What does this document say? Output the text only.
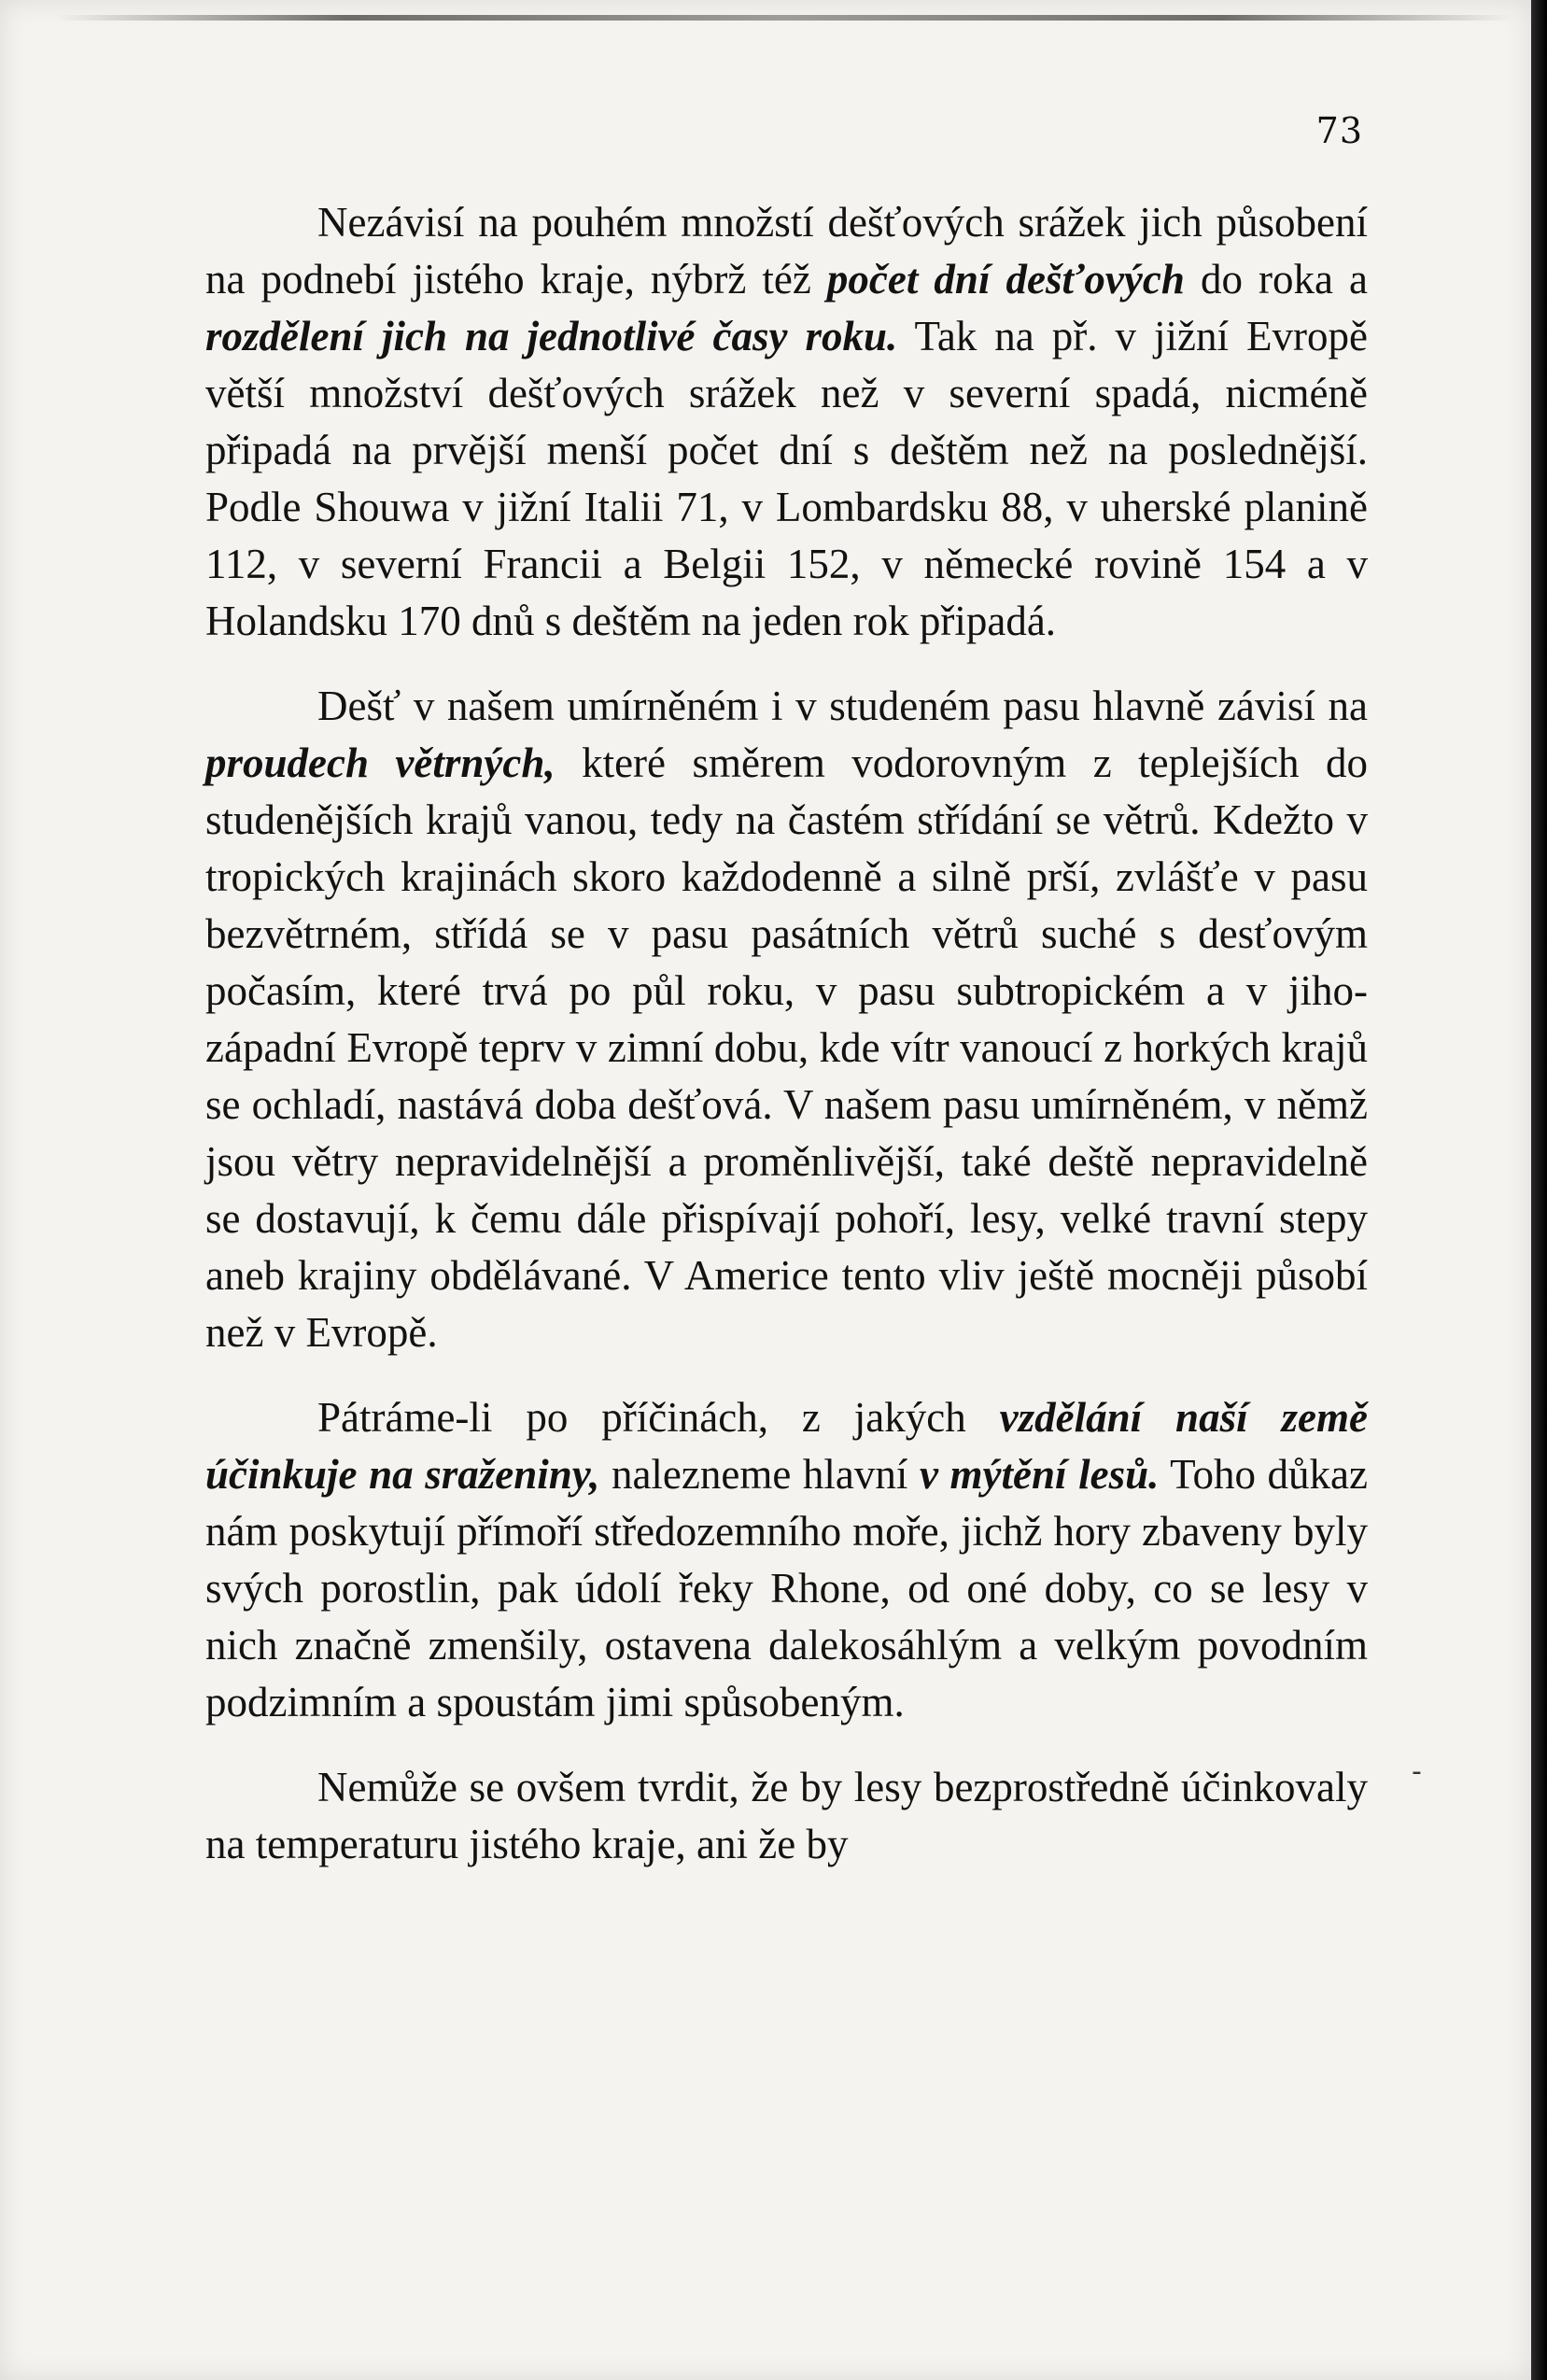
73

Nezávisí na pouhém množstí dešťových srážek jich působení na podnebí jistého kraje, nýbrž též počet dní dešťových do roka a rozdělení jich na jednotlivé časy roku. Tak na př. v jižní Evropě větší množství dešťových srážek než v severní spadá, nicméně připadá na prvější menší počet dní s deštěm než na poslednější. Podle Shouwa v jižní Italii 71, v Lombardsku 88, v uherské planině 112, v severní Francii a Belgii 152, v německé rovině 154 a v Holandsku 170 dnů s deštěm na jeden rok připadá.

Dešť v našem umírněném i v studeném pasu hlavně závisí na proudech větrných, které směrem vodorovným z teplejších do studenějších krajů vanou, tedy na častém střídání se větrů. Kdežto v tropických krajinách skoro každodenně a silně prší, zvlášťe v pasu bezvětrném, střídá se v pasu pasátních větrů suché s desťovým počasím, které trvá po půl roku, v pasu subtropickém a v jiho-západní Evropě teprv v zimní dobu, kde vítr vanoucí z horkých krajů se ochladí, nastává doba dešťová. V našem pasu umírněném, v němž jsou větry nepravidelnější a proměnlivější, také deště nepravidelně se dostavují, k čemu dále přispívají pohoří, lesy, velké travní stepy aneb krajiny obdělávané. V Americe tento vliv ještě mocněji působí než v Evropě.

Pátráme-li po příčinách, z jakých vzdělání naší země účinkuje na sraženiny, nalezneme hlavní v mýtění lesů. Toho důkaz nám poskytují přímoří středozemního moře, jichž hory zbaveny byly svých porostlin, pak údolí řeky Rhone, od oné doby, co se lesy v nich značně zmenšily, ostavena dalekosáhlým a velkým povodním podzimním a spoustám jimi spůsobeným.

Nemůže se ovšem tvrdit, že by lesy bezprostředně účinkovaly na temperaturu jistého kraje, ani že by

-
